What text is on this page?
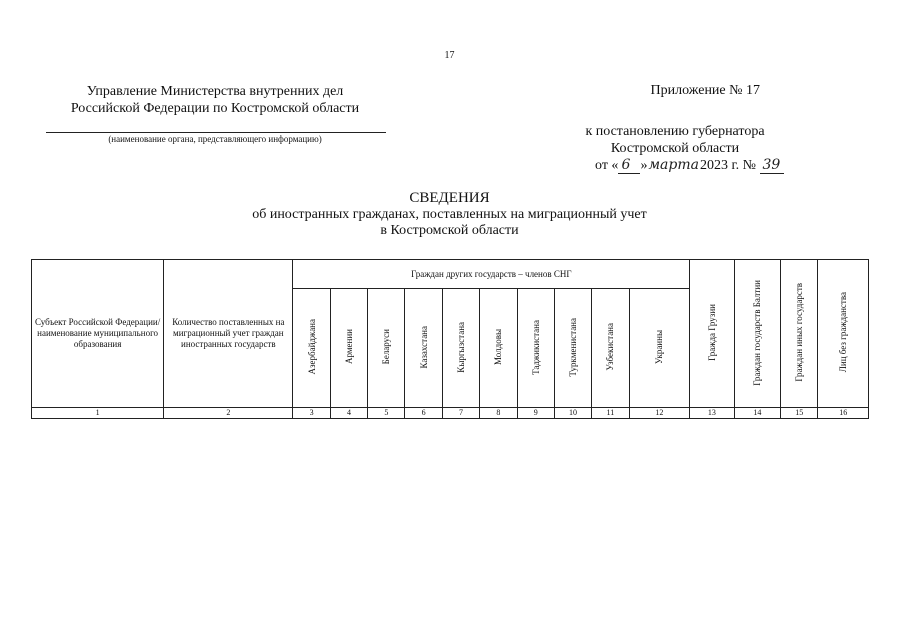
17
Управление Министерства внутренних дел
Российской Федерации по Костромской области
(наименование органа, представляющего информацию)
Приложение № 17
к постановлению губернатора
Костромской области
от « 6 »марта2023 г. № 39
СВЕДЕНИЯ
об иностранных гражданах, поставленных на миграционный учет
в Костромской области
Субъект Российской Федерации/ наименование муниципального образования	Количество поставленных на миграционный учет граждан иностранных государств	Граждан других государств – членов СНГ										Гражда Грузии	Граждан государств Балтии	Граждан иных государств	Лиц без гражданства
		Азербайджана	Армении	Беларуси	Казахстана	Кыргызстана	Молдовы	Таджикистана	Туркменистана	Узбекистана	Украины				
1	2	3	4	5	6	7	8	9	10	11	12	13	14	15	16
